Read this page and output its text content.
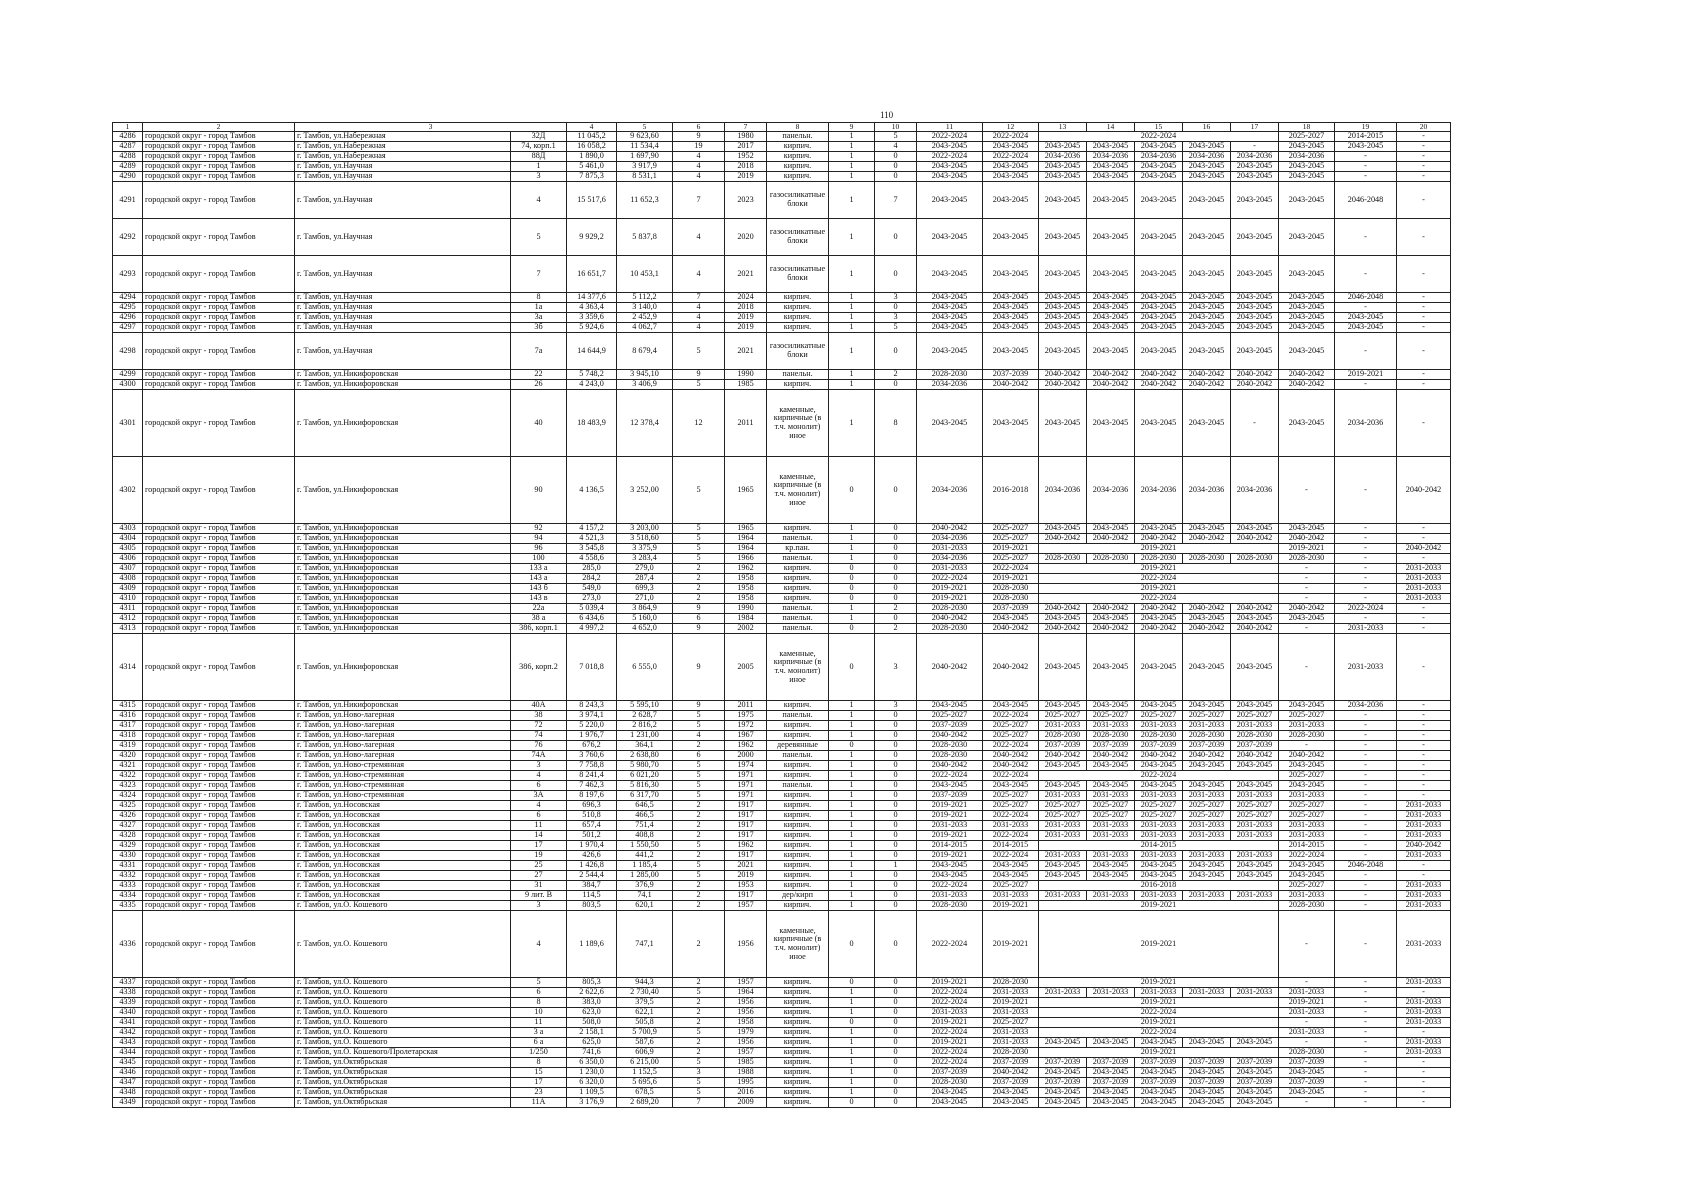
110
1	2	3		4	5	6	7	8	9	10	11	12	13	14	15	16	17	18	19	20
4286	городской округ - город Тамбов	г. Тамбов, ул.Набережная	32Д	11 045,2	9 623,60	9	1980	панельн.	1	5	2022-2024	2022-2024	2022-2024					2025-2027	2014-2015	-
4287	городской округ - город Тамбов	г. Тамбов, ул.Набережная	74, корп.1	16 058,2	11 534,4	19	2017	кирпич.	1	4	2043-2045	2043-2045	2043-2045	2043-2045	2043-2045	2043-2045	-	2043-2045	2043-2045	-
4288	городской округ - город Тамбов	г. Тамбов, ул.Набережная	88Д	1 890,0	1 697,90	4	1952	кирпич.	1	0	2022-2024	2022-2024	2034-2036	2034-2036	2034-2036	2034-2036	2034-2036	2034-2036	-	-
4289	городской округ - город Тамбов	г. Тамбов, ул.Научная	1	5 461,0	3 917,9	4	2018	кирпич.	1	0	2043-2045	2043-2045	2043-2045	2043-2045	2043-2045	2043-2045	2043-2045	2043-2045	-	-
4290	городской округ - город Тамбов	г. Тамбов, ул.Научная	3	7 875,3	8 531,1	4	2019	кирпич.	1	0	2043-2045	2043-2045	2043-2045	2043-2045	2043-2045	2043-2045	2043-2045	2043-2045	-	-
4291	городской округ - город Тамбов	г. Тамбов, ул.Научная	4	15 517,6	11 652,3	7	2023	газосиликатные блоки	1	7	2043-2045	2043-2045	2043-2045	2043-2045	2043-2045	2043-2045	2043-2045	2043-2045	2046-2048	-
4292	городской округ - город Тамбов	г. Тамбов, ул.Научная	5	9 929,2	5 837,8	4	2020	газосиликатные блоки	1	0	2043-2045	2043-2045	2043-2045	2043-2045	2043-2045	2043-2045	2043-2045	2043-2045	-	-
4293	городской округ - город Тамбов	г. Тамбов, ул.Научная	7	16 651,7	10 453,1	4	2021	газосиликатные блоки	1	0	2043-2045	2043-2045	2043-2045	2043-2045	2043-2045	2043-2045	2043-2045	2043-2045	-	-
4294	городской округ - город Тамбов	г. Тамбов, ул.Научная	8	14 377,6	5 112,2	7	2024	кирпич.	1	3	2043-2045	2043-2045	2043-2045	2043-2045	2043-2045	2043-2045	2043-2045	2043-2045	2046-2048	-
4295	городской округ - город Тамбов	г. Тамбов, ул.Научная	1а	4 363,4	3 140,0	4	2018	кирпич.	1	0	2043-2045	2043-2045	2043-2045	2043-2045	2043-2045	2043-2045	2043-2045	2043-2045	-	-
4296	городской округ - город Тамбов	г. Тамбов, ул.Научная	3а	3 359,6	2 452,9	4	2019	кирпич.	1	3	2043-2045	2043-2045	2043-2045	2043-2045	2043-2045	2043-2045	2043-2045	2043-2045	2043-2045	-
4297	городской округ - город Тамбов	г. Тамбов, ул.Научная	3б	5 924,6	4 062,7	4	2019	кирпич.	1	5	2043-2045	2043-2045	2043-2045	2043-2045	2043-2045	2043-2045	2043-2045	2043-2045	2043-2045	-
4298	городской округ - город Тамбов	г. Тамбов, ул.Научная	7а	14 644,9	8 679,4	5	2021	газосиликатные блоки	1	0	2043-2045	2043-2045	2043-2045	2043-2045	2043-2045	2043-2045	2043-2045	2043-2045	-	-
4299	городской округ - город Тамбов	г. Тамбов, ул.Никифоровская	22	5 748,2	3 945,10	9	1990	панельн.	1	2	2028-2030	2037-2039	2040-2042	2040-2042	2040-2042	2040-2042	2040-2042	2040-2042	2019-2021	-
4300	городской округ - город Тамбов	г. Тамбов, ул.Никифоровская	26	4 243,0	3 406,9	5	1985	кирпич.	1	0	2034-2036	2040-2042	2040-2042	2040-2042	2040-2042	2040-2042	2040-2042	2040-2042	-	-
4301	городской округ - город Тамбов	г. Тамбов, ул.Никифоровская	40	18 483,9	12 378,4	12	2011	каменные, кирпичные (в т.ч. монолит) иное	1	8	2043-2045	2043-2045	2043-2045	2043-2045	2043-2045	2043-2045	-	2043-2045	2034-2036	-
4302	городской округ - город Тамбов	г. Тамбов, ул.Никифоровская	90	4 136,5	3 252,00	5	1965	каменные, кирпичные (в т.ч. монолит) иное	0	0	2034-2036	2016-2018	2034-2036	2034-2036	2034-2036	2034-2036	2034-2036	-	-	2040-2042
4303	городской округ - город Тамбов	г. Тамбов, ул.Никифоровская	92	4 157,2	3 203,00	5	1965	кирпич.	1	0	2040-2042	2025-2027	2043-2045	2043-2045	2043-2045	2043-2045	2043-2045	2043-2045	-	-
4304	городской округ - город Тамбов	г. Тамбов, ул.Никифоровская	94	4 521,3	3 518,60	5	1964	панельн.	1	0	2034-2036	2025-2027	2040-2042	2040-2042	2040-2042	2040-2042	2040-2042	2040-2042	-	-
4305	городской округ - город Тамбов	г. Тамбов, ул.Никифоровская	96	3 545,8	3 375,9	5	1964	кр.пан.	1	0	2031-2033	2019-2021	2019-2021					2019-2021	-	2040-2042
4306	городской округ - город Тамбов	г. Тамбов, ул.Никифоровская	100	4 558,6	3 283,4	5	1966	панельн.	1	0	2034-2036	2025-2027	2028-2030	2028-2030	2028-2030	2028-2030	2028-2030	2028-2030	-	-
4307	городской округ - город Тамбов	г. Тамбов, ул.Никифоровская	133 а	285,0	279,0	2	1962	кирпич.	0	0	2031-2033	2022-2024	2019-2021					-	-	2031-2033
4308	городской округ - город Тамбов	г. Тамбов, ул.Никифоровская	143 а	284,2	287,4	2	1958	кирпич.	0	0	2022-2024	2019-2021	2022-2024					-	-	2031-2033
4309	городской округ - город Тамбов	г. Тамбов, ул.Никифоровская	143 б	549,0	699,3	2	1958	кирпич.	0	0	2019-2021	2028-2030	2019-2021					-	-	2031-2033
4310	городской округ - город Тамбов	г. Тамбов, ул.Никифоровская	143 в	273,0	271,0	2	1958	кирпич.	0	0	2019-2021	2028-2030	2022-2024					-	-	2031-2033
4311	городской округ - город Тамбов	г. Тамбов, ул.Никифоровская	22а	5 039,4	3 864,9	9	1990	панельн.	1	2	2028-2030	2037-2039	2040-2042	2040-2042	2040-2042	2040-2042	2040-2042	2040-2042	2022-2024	-
4312	городской округ - город Тамбов	г. Тамбов, ул.Никифоровская	38 а	6 434,6	5 160,0	6	1984	панельн.	1	0	2040-2042	2043-2045	2043-2045	2043-2045	2043-2045	2043-2045	2043-2045	2043-2045	-	-
4313	городской округ - город Тамбов	г. Тамбов, ул.Никифоровская	386, корп.1	4 997,2	4 652,0	9	2002	панельн.	0	2	2028-2030	2040-2042	2040-2042	2040-2042	2040-2042	2040-2042	2040-2042	-	2031-2033	-
4314	городской округ - город Тамбов	г. Тамбов, ул.Никифоровская	386, корп.2	7 018,8	6 555,0	9	2005	каменные, кирпичные (в т.ч. монолит) иное	0	3	2040-2042	2040-2042	2043-2045	2043-2045	2043-2045	2043-2045	2043-2045	-	2031-2033	-
4315	городской округ - город Тамбов	г. Тамбов, ул.Никифоровская	40А	8 243,3	5 595,10	9	2011	кирпич.	1	3	2043-2045	2043-2045	2043-2045	2043-2045	2043-2045	2043-2045	2043-2045	2043-2045	2034-2036	-
4316	городской округ - город Тамбов	г. Тамбов, ул.Ново-лагерная	38	3 974,1	2 628,7	5	1975	панельн.	1	0	2025-2027	2022-2024	2025-2027	2025-2027	2025-2027	2025-2027	2025-2027	2025-2027	-	-
4317	городской округ - город Тамбов	г. Тамбов, ул.Ново-лагерная	72	5 220,0	2 816,2	5	1972	кирпич.	1	0	2037-2039	2025-2027	2031-2033	2031-2033	2031-2033	2031-2033	2031-2033	2031-2033	-	-
4318	городской округ - город Тамбов	г. Тамбов, ул.Ново-лагерная	74	1 976,7	1 231,00	4	1967	кирпич.	1	0	2040-2042	2025-2027	2028-2030	2028-2030	2028-2030	2028-2030	2028-2030	2028-2030	-	-
4319	городской округ - город Тамбов	г. Тамбов, ул.Ново-лагерная	76	676,2	364,1	2	1962	деревянные	0	0	2028-2030	2022-2024	2037-2039	2037-2039	2037-2039	2037-2039	2037-2039	-	-	-
4320	городской округ - город Тамбов	г. Тамбов, ул.Ново-лагерная	74А	3 760,6	2 638,80	6	2000	панельн.	1	0	2028-2030	2040-2042	2040-2042	2040-2042	2040-2042	2040-2042	2040-2042	2040-2042	-	-
4321	городской округ - город Тамбов	г. Тамбов, ул.Ново-стремянная	3	7 758,8	5 980,70	5	1974	кирпич.	1	0	2040-2042	2040-2042	2043-2045	2043-2045	2043-2045	2043-2045	2043-2045	2043-2045	-	-
4322	городской округ - город Тамбов	г. Тамбов, ул.Ново-стремянная	4	8 241,4	6 021,20	5	1971	кирпич.	1	0	2022-2024	2022-2024	2022-2024					2025-2027	-	-
4323	городской округ - город Тамбов	г. Тамбов, ул.Ново-стремянная	6	7 462,3	5 816,30	5	1971	панельн.	1	0	2043-2045	2043-2045	2043-2045	2043-2045	2043-2045	2043-2045	2043-2045	2043-2045	-	-
4324	городской округ - город Тамбов	г. Тамбов, ул.Ново-стремянная	3А	8 197,6	6 317,70	5	1971	кирпич.	1	0	2037-2039	2025-2027	2031-2033	2031-2033	2031-2033	2031-2033	2031-2033	2031-2033	-	-
4325	городской округ - город Тамбов	г. Тамбов, ул.Носовская	4	696,3	646,5	2	1917	кирпич.	1	0	2019-2021	2025-2027	2025-2027	2025-2027	2025-2027	2025-2027	2025-2027	2025-2027	-	2031-2033
4326	городской округ - город Тамбов	г. Тамбов, ул.Носовская	6	510,8	466,5	2	1917	кирпич.	1	0	2019-2021	2022-2024	2025-2027	2025-2027	2025-2027	2025-2027	2025-2027	2025-2027	-	2031-2033
4327	городской округ - город Тамбов	г. Тамбов, ул.Носовская	11	657,4	751,4	2	1917	кирпич.	1	0	2031-2033	2031-2033	2031-2033	2031-2033	2031-2033	2031-2033	2031-2033	2031-2033	-	2031-2033
4328	городской округ - город Тамбов	г. Тамбов, ул.Носовская	14	501,2	408,8	2	1917	кирпич.	1	0	2019-2021	2022-2024	2031-2033	2031-2033	2031-2033	2031-2033	2031-2033	2031-2033	-	2031-2033
4329	городской округ - город Тамбов	г. Тамбов, ул.Носовская	17	1 970,4	1 550,50	5	1962	кирпич.	1	0	2014-2015	2014-2015	2014-2015					2014-2015	-	2040-2042
4330	городской округ - город Тамбов	г. Тамбов, ул.Носовская	19	426,6	441,2	2	1917	кирпич.	1	0	2019-2021	2022-2024	2031-2033	2031-2033	2031-2033	2031-2033	2031-2033	2022-2024	-	2031-2033
4331	городской округ - город Тамбов	г. Тамбов, ул.Носовская	25	1 426,8	1 185,4	5	2021	кирпич.	1	1	2043-2045	2043-2045	2043-2045	2043-2045	2043-2045	2043-2045	2043-2045	2043-2045	2046-2048	-
4332	городской округ - город Тамбов	г. Тамбов, ул.Носовская	27	2 544,4	1 285,00	5	2019	кирпич.	1	0	2043-2045	2043-2045	2043-2045	2043-2045	2043-2045	2043-2045	2043-2045	2043-2045	-	-
4333	городской округ - город Тамбов	г. Тамбов, ул.Носовская	31	384,7	376,9	2	1953	кирпич.	1	0	2022-2024	2025-2027	2016-2018					2025-2027	-	2031-2033
4334	городской округ - город Тамбов	г. Тамбов, ул.Носовская	9 лит. В	114,5	74,1	2	1917	дер/кирп	1	0	2031-2033	2031-2033	2031-2033	2031-2033	2031-2033	2031-2033	2031-2033	2031-2033	-	2031-2033
4335	городской округ - город Тамбов	г. Тамбов, ул.О. Кошевого	3	803,5	620,1	2	1957	кирпич.	1	0	2028-2030	2019-2021	2019-2021					2028-2030	-	2031-2033
4336	городской округ - город Тамбов	г. Тамбов, ул.О. Кошевого	4	1 189,6	747,1	2	1956	каменные, кирпичные (в т.ч. монолит) иное	0	0	2022-2024	2019-2021	2019-2021					-	-	2031-2033
4337	городской округ - город Тамбов	г. Тамбов, ул.О. Кошевого	5	805,3	944,3	2	1957	кирпич.	0	0	2019-2021	2028-2030	2019-2021					-	-	2031-2033
4338	городской округ - город Тамбов	г. Тамбов, ул.О. Кошевого	6	2 622,6	2 730,40	5	1964	кирпич.	1	0	2022-2024	2031-2033	2031-2033	2031-2033	2031-2033	2031-2033	2031-2033	2031-2033	-	-
4339	городской округ - город Тамбов	г. Тамбов, ул.О. Кошевого	8	383,0	379,5	2	1956	кирпич.	1	0	2022-2024	2019-2021	2019-2021					2019-2021	-	2031-2033
4340	городской округ - город Тамбов	г. Тамбов, ул.О. Кошевого	10	623,0	622,1	2	1956	кирпич.	1	0	2031-2033	2031-2033	2022-2024					2031-2033	-	2031-2033
4341	городской округ - город Тамбов	г. Тамбов, ул.О. Кошевого	11	508,0	505,8	2	1958	кирпич.	0	0	2019-2021	2025-2027	2019-2021					-	-	2031-2033
4342	городской округ - город Тамбов	г. Тамбов, ул.О. Кошевого	3 а	2 158,1	5 700,9	5	1979	кирпич.	1	0	2022-2024	2031-2033	2022-2024					2031-2033	-	-
4343	городской округ - город Тамбов	г. Тамбов, ул.О. Кошевого	6 а	625,0	587,6	2	1956	кирпич.	1	0	2019-2021	2031-2033	2043-2045	2043-2045	2043-2045	2043-2045	2043-2045	-	-	2031-2033
4344	городской округ - город Тамбов	г. Тамбов, ул.О. Кошевого/Пролетарская	1/250	741,6	606,9	2	1957	кирпич.	1	0	2022-2024	2028-2030	2019-2021					2028-2030	-	2031-2033
4345	городской округ - город Тамбов	г. Тамбов, ул.Октябрьская	8	6 350,0	6 215,00	5	1985	кирпич.	1	0	2022-2024	2037-2039	2037-2039	2037-2039	2037-2039	2037-2039	2037-2039	2037-2039	-	-
4346	городской округ - город Тамбов	г. Тамбов, ул.Октябрьская	15	1 230,0	1 152,5	3	1988	кирпич.	1	0	2037-2039	2040-2042	2043-2045	2043-2045	2043-2045	2043-2045	2043-2045	2043-2045	-	-
4347	городской округ - город Тамбов	г. Тамбов, ул.Октябрьская	17	6 320,0	5 695,6	5	1995	кирпич.	1	0	2028-2030	2037-2039	2037-2039	2037-2039	2037-2039	2037-2039	2037-2039	2037-2039	-	-
4348	городской округ - город Тамбов	г. Тамбов, ул.Октябрьская	23	1 109,5	678,5	5	2016	кирпич.	1	0	2043-2045	2043-2045	2043-2045	2043-2045	2043-2045	2043-2045	2043-2045	2043-2045	-	-
4349	городской округ - город Тамбов	г. Тамбов, ул.Октябрьская	11А	3 176,9	2 689,20	7	2009	кирпич.	0	0	2043-2045	2043-2045	2043-2045	2043-2045	2043-2045	2043-2045	2043-2045	-	-	-
